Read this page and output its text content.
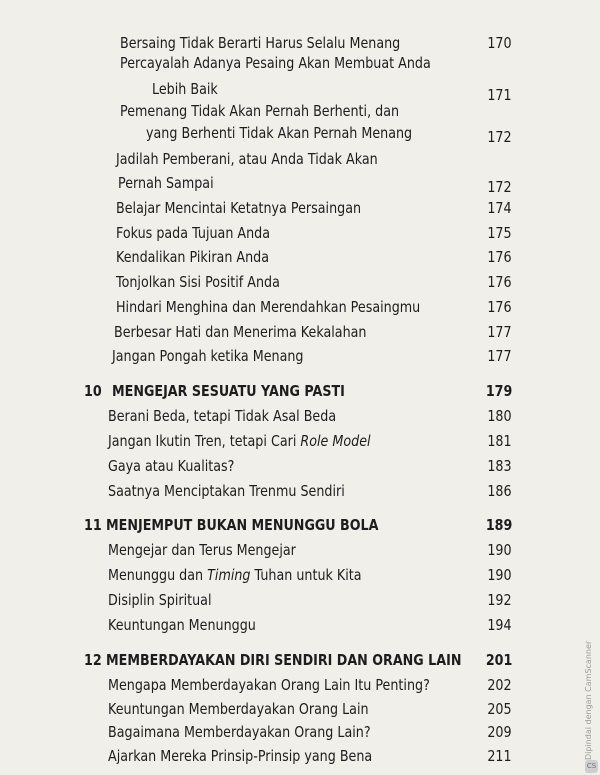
Bersaing Tidak Berarti Harus Selalu Menang	170
Percayalah Adanya Pesaing Akan Membuat Anda
Lebih Baik	171
Pemenang Tidak Akan Pernah Berhenti, dan
yang Berhenti Tidak Akan Pernah Menang	172
Jadilah Pemberani, atau Anda Tidak Akan
Pernah Sampai	172
Belajar Mencintai Ketatnya Persaingan	174
Fokus pada Tujuan Anda	175
Kendalikan Pikiran Anda	176
Tonjolkan Sisi Positif Anda	176
Hindari Menghina dan Merendahkan Pesaingmu	176
Berbesar Hati dan Menerima Kekalahan	177
Jangan Pongah ketika Menang	177
10 MENGEJAR SESUATU YANG PASTI	179
Berani Beda, tetapi Tidak Asal Beda	180
Jangan Ikutin Tren, tetapi Cari Role Model	181
Gaya atau Kualitas?	183
Saatnya Menciptakan Trenmu Sendiri	186
11 MENJEMPUT BUKAN MENUNGGU BOLA	189
Mengejar dan Terus Mengejar	190
Menunggu dan Timing Tuhan untuk Kita	190
Disiplin Spiritual	192
Keuntungan Menunggu	194
12 MEMBERDAYAKAN DIRI SENDIRI DAN ORANG LAIN 201
Mengapa Memberdayakan Orang Lain Itu Penting?	202
Keuntungan Memberdayakan Orang Lain	205
Bagaimana Memberdayakan Orang Lain?	209
Ajarkan Mereka Prinsip-Prinsip yang Bena	211	Dipindai dengan CamScanner
CS
